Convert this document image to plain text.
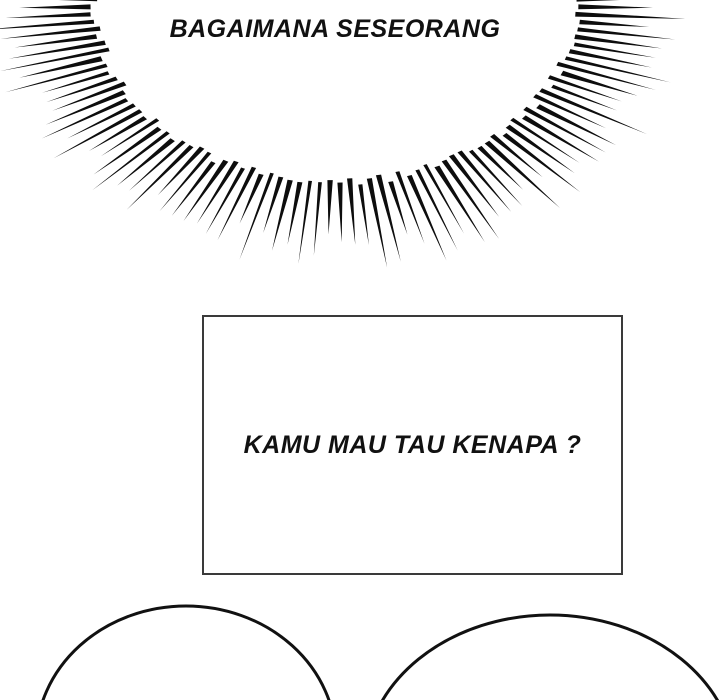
BAGAIMANA SESEORANG
KAMU MAU TAU KENAPA ?
